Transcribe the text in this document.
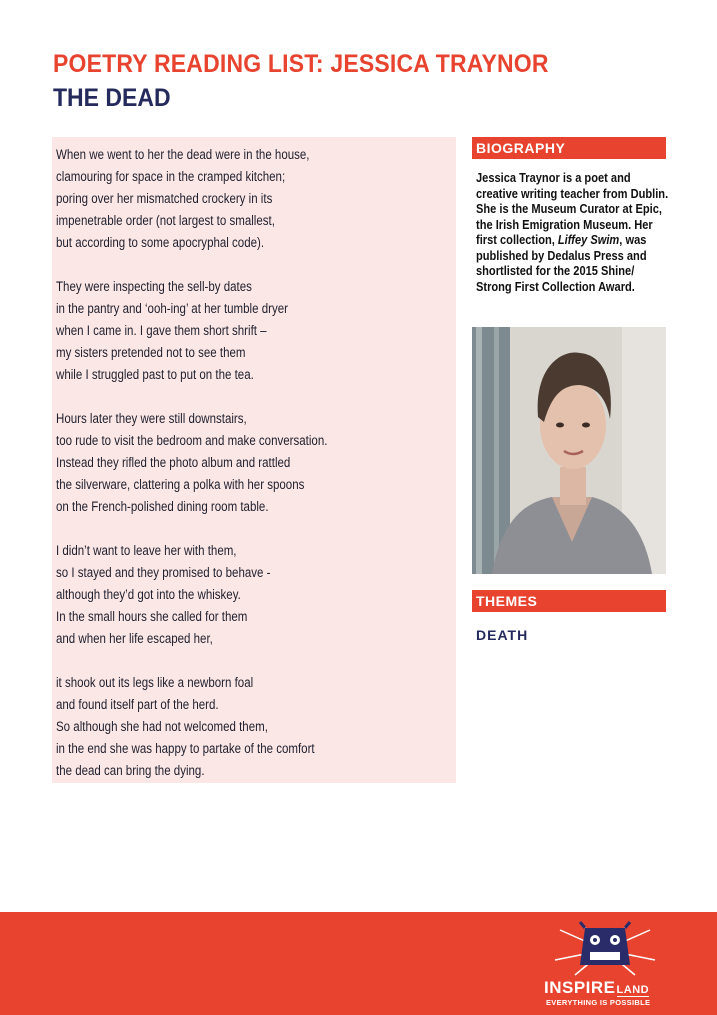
POETRY READING LIST: JESSICA TRAYNOR
THE DEAD
When we went to her the dead were in the house,
clamouring for space in the cramped kitchen;
poring over her mismatched crockery in its
impenetrable order (not largest to smallest,
but according to some apocryphal code).
They were inspecting the sell-by dates
in the pantry and ‘ooh-ing’ at her tumble dryer
when I came in. I gave them short shrift –
my sisters pretended not to see them
while I struggled past to put on the tea.
Hours later they were still downstairs,
too rude to visit the bedroom and make conversation.
Instead they rifled the photo album and rattled
the silverware, clattering a polka with her spoons
on the French-polished dining room table.
I didn’t want to leave her with them,
so I stayed and they promised to behave -
although they’d got into the whiskey.
In the small hours she called for them
and when her life escaped her,
it shook out its legs like a newborn foal
and found itself part of the herd.
So although she had not welcomed them,
in the end she was happy to partake of the comfort
the dead can bring the dying.
BIOGRAPHY
Jessica Traynor is a poet and
creative writing teacher from Dublin.
She is the Museum Curator at Epic,
the Irish Emigration Museum. Her
first collection, Liffey Swim, was
published by Dedalus Press and
shortlisted for the 2015 Shine/
Strong First Collection Award.
THEMES
DEATH
INSPIRELAND
EVERYTHING IS POSSIBLE
